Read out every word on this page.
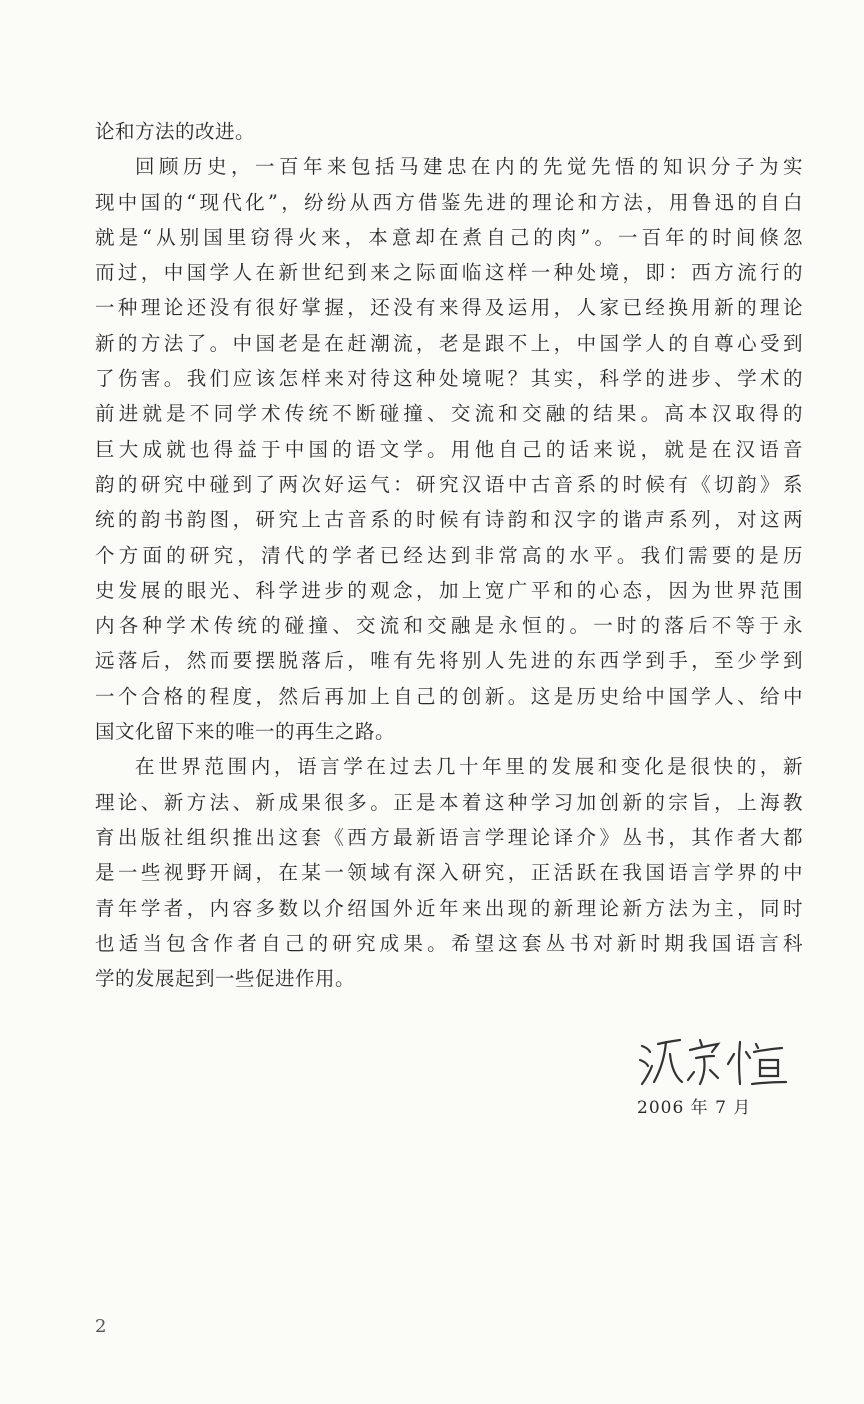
论和方法的改进。
回顾历史，一百年来包括马建忠在内的先觉先悟的知识分子为实
现中国的“现代化”，纷纷从西方借鉴先进的理论和方法，用鲁迅的自白
就是“从别国里窃得火来，本意却在煮自己的肉”。一百年的时间倏忽
而过，中国学人在新世纪到来之际面临这样一种处境，即：西方流行的
一种理论还没有很好掌握，还没有来得及运用，人家已经换用新的理论
新的方法了。中国老是在赶潮流，老是跟不上，中国学人的自尊心受到
了伤害。我们应该怎样来对待这种处境呢？其实，科学的进步、学术的
前进就是不同学术传统不断碰撞、交流和交融的结果。高本汉取得的
巨大成就也得益于中国的语文学。用他自己的话来说，就是在汉语音
韵的研究中碰到了两次好运气：研究汉语中古音系的时候有《切韵》系
统的韵书韵图，研究上古音系的时候有诗韵和汉字的谐声系列，对这两
个方面的研究，清代的学者已经达到非常高的水平。我们需要的是历
史发展的眼光、科学进步的观念，加上宽广平和的心态，因为世界范围
内各种学术传统的碰撞、交流和交融是永恒的。一时的落后不等于永
远落后，然而要摆脱落后，唯有先将别人先进的东西学到手，至少学到
一个合格的程度，然后再加上自己的创新。这是历史给中国学人、给中
国文化留下来的唯一的再生之路。
在世界范围内，语言学在过去几十年里的发展和变化是很快的，新
理论、新方法、新成果很多。正是本着这种学习加创新的宗旨，上海教
育出版社组织推出这套《西方最新语言学理论译介》丛书，其作者大都
是一些视野开阔，在某一领域有深入研究，正活跃在我国语言学界的中
青年学者，内容多数以介绍国外近年来出现的新理论新方法为主，同时
也适当包含作者自己的研究成果。希望这套丛书对新时期我国语言科
学的发展起到一些促进作用。
2006 年 7 月
2
